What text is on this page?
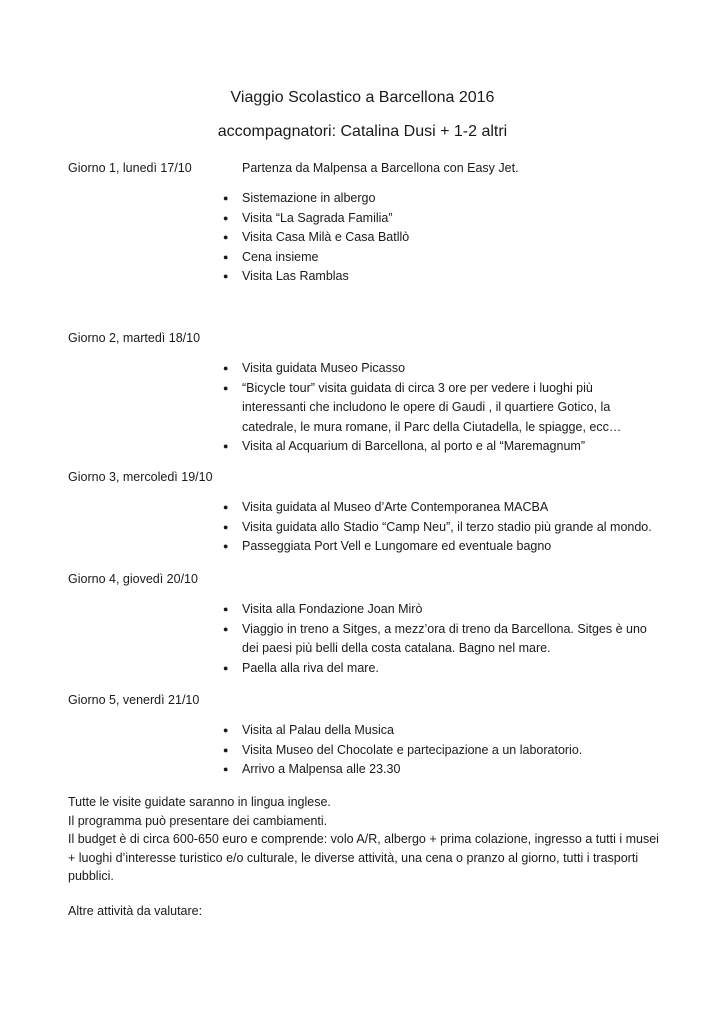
Viaggio Scolastico a Barcellona 2016
accompagnatori: Catalina Dusi + 1-2 altri
Giorno 1, lunedì 17/10	Partenza da Malpensa a Barcellona con Easy Jet.
● Sistemazione in albergo
● Visita “La Sagrada Familia”
● Visita Casa Milà e Casa Batllò
● Cena insieme
● Visita Las Ramblas
Giorno 2, martedì 18/10
● Visita guidata Museo Picasso
● “Bicycle tour” visita guidata di circa 3 ore per vedere i luoghi più interessanti che includono le opere di Gaudi , il quartiere Gotico, la catedrale, le mura romane, il Parc della Ciutadella, le spiagge, ecc…
● Visita al Acquarium di Barcellona, al porto e al “Maremagnum”
Giorno 3, mercoledì 19/10
● Visita guidata al Museo d’Arte Contemporanea MACBA
● Visita guidata allo Stadio “Camp Neu”, il terzo stadio più grande al mondo.
● Passeggiata Port Vell e Lungomare ed eventuale bagno
Giorno 4, giovedì 20/10
● Visita alla Fondazione Joan Mirò
● Viaggio in treno a Sitges, a mezz’ora di treno da Barcellona. Sitges è uno dei paesi più belli della costa catalana. Bagno nel mare.
● Paella alla riva del mare.
Giorno 5, venerdì 21/10
● Visita al Palau della Musica
● Visita Museo del Chocolate e partecipazione a un laboratorio.
● Arrivo a Malpensa alle 23.30

Tutte le visite guidate saranno in lingua inglese.

Il programma può presentare dei cambiamenti.

Il budget è di circa 600-650 euro e comprende: volo A/R, albergo + prima colazione, ingresso a tutti i musei + luoghi d’interesse turistico e/o culturale, le diverse attività, una cena o pranzo al giorno, tutti i trasporti pubblici.

Altre attività da valutare:
